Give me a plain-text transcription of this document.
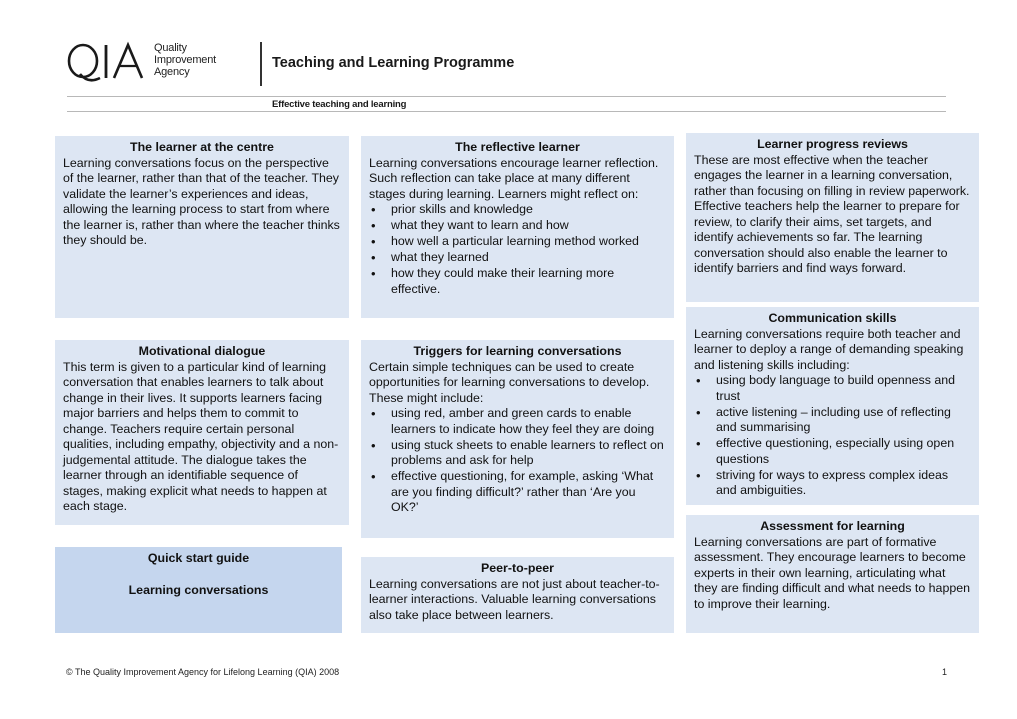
QIA
Quality
Improvement
Agency
Teaching and Learning Programme
Effective teaching and learning
The learner at the centre

Learning conversations focus on the perspective of the learner, rather than that of the teacher. They validate the learner’s experiences and ideas, allowing the learning process to start from where the learner is, rather than where the teacher thinks they should be.

Motivational dialogue

This term is given to a particular kind of learning conversation that enables learners to talk about change in their lives. It supports learners facing major barriers and helps them to commit to change. Teachers require certain personal qualities, including empathy, objectivity and a non-judgemental attitude. The dialogue takes the learner through an identifiable sequence of stages, making explicit what needs to happen at each stage.

Quick start guide
Learning conversations
The reflective learner

Learning conversations encourage learner reflection. Such reflection can take place at many different stages during learning. Learners might reflect on:

• prior skills and knowledge
• what they want to learn and how
• how well a particular learning method worked
• what they learned
• how they could make their learning more effective.
Triggers for learning conversations

Certain simple techniques can be used to create opportunities for learning conversations to develop. These might include:

• using red, amber and green cards to enable learners to indicate how they feel they are doing
• using stuck sheets to enable learners to reflect on problems and ask for help
• effective questioning, for example, asking ‘What are you finding difficult?’ rather than ‘Are you OK?’
Peer-to-peer

Learning conversations are not just about teacher-to-learner interactions. Valuable learning conversations also take place between learners.

Learner progress reviews

These are most effective when the teacher engages the learner in a learning conversation, rather than focusing on filling in review paperwork. Effective teachers help the learner to prepare for review, to clarify their aims, set targets, and identify achievements so far. The learning conversation should also enable the learner to identify barriers and find ways forward.

Communication skills

Learning conversations require both teacher and learner to deploy a range of demanding speaking and listening skills including:

• using body language to build openness and trust
• active listening – including use of reflecting and summarising
• effective questioning, especially using open questions
• striving for ways to express complex ideas and ambiguities.
Assessment for learning

Learning conversations are part of formative assessment. They encourage learners to become experts in their own learning, articulating what they are finding difficult and what needs to happen to improve their learning.

© The Quality Improvement Agency for Lifelong Learning (QIA) 2008	1
